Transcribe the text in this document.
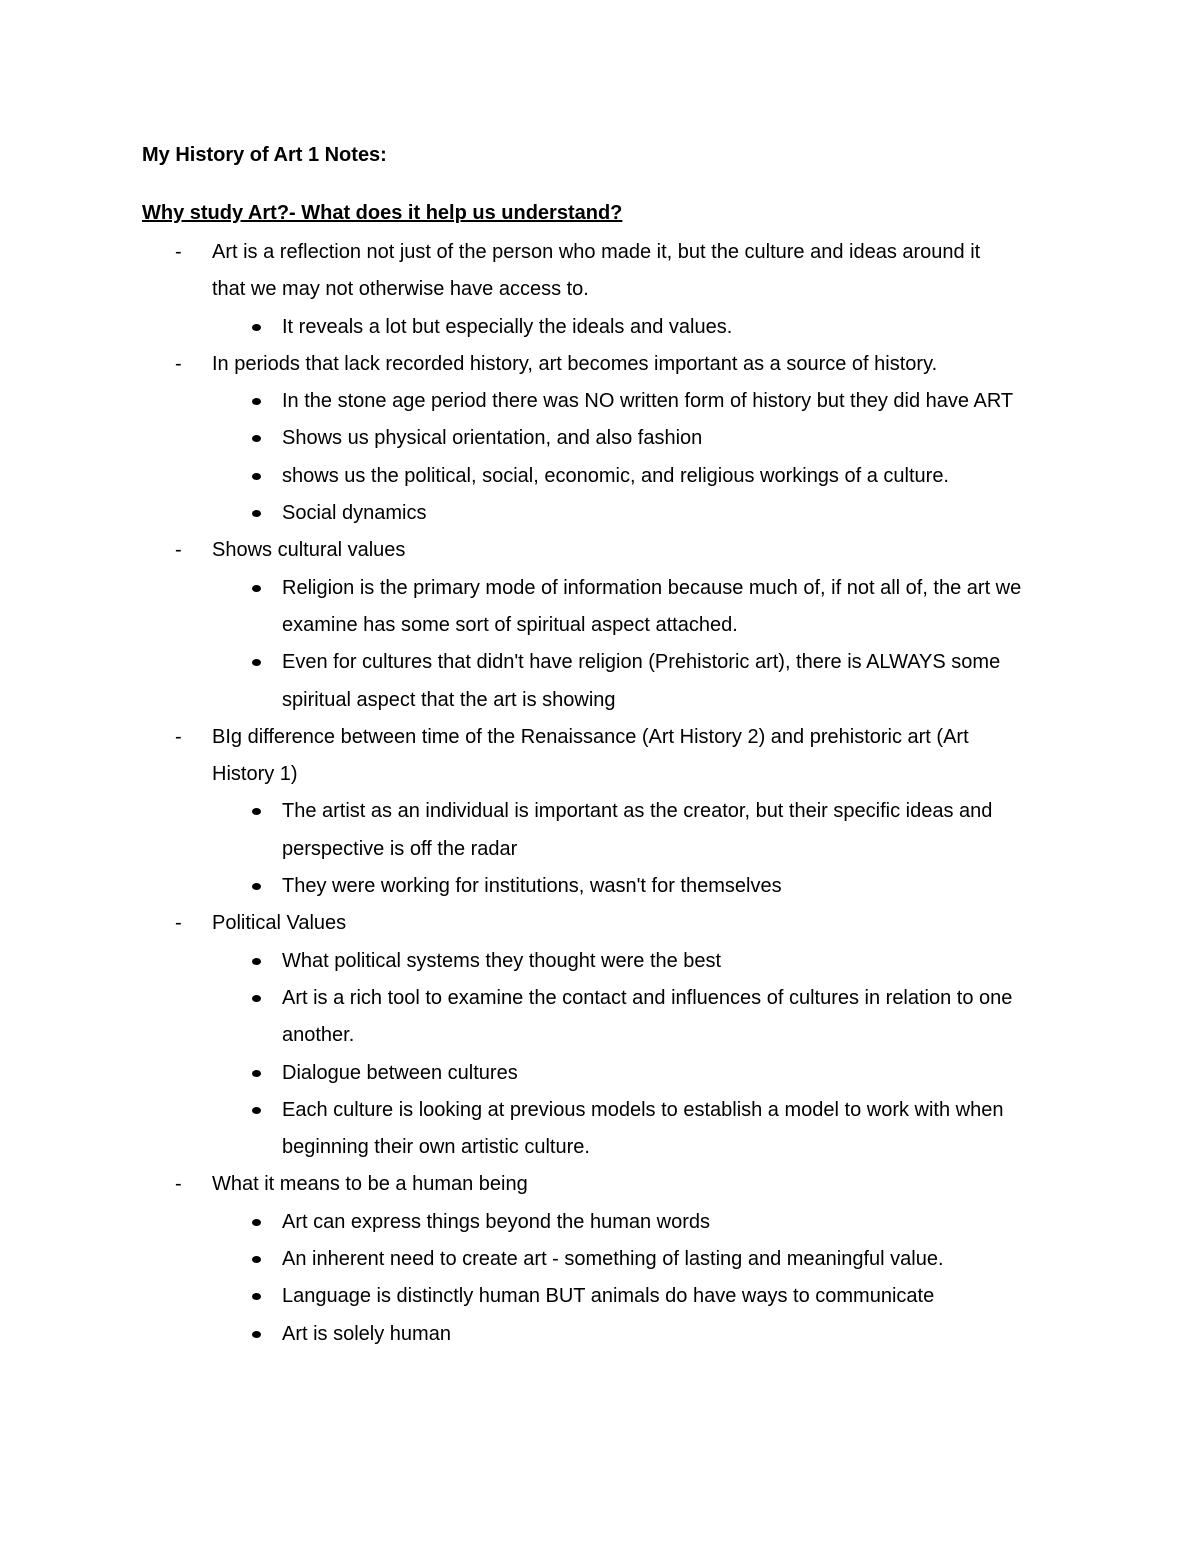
My History of Art 1 Notes:
Why study Art?- What does it help us understand?
- Art is a reflection not just of the person who made it, but the culture and ideas around it that we may not otherwise have access to.
It reveals a lot but especially the ideals and values.
- In periods that lack recorded history, art becomes important as a source of history.
In the stone age period there was NO written form of history but they did have ART
Shows us physical orientation, and also fashion
shows us the political, social, economic, and religious workings of a culture.
Social dynamics
- Shows cultural values
Religion is the primary mode of information because much of, if not all of, the art we examine has some sort of spiritual aspect attached.
Even for cultures that didn't have religion (Prehistoric art), there is ALWAYS some spiritual aspect that the art is showing
- BIg difference between time of the Renaissance (Art History 2) and prehistoric art (Art History 1)
The artist as an individual is important as the creator, but their specific ideas and perspective is off the radar
They were working for institutions, wasn't for themselves
- Political Values
What political systems they thought were the best
Art is a rich tool to examine the contact and influences of cultures in relation to one another.
Dialogue between cultures
Each culture is looking at previous models to establish a model to work with when beginning their own artistic culture.
- What it means to be a human being
Art can express things beyond the human words
An inherent need to create art - something of lasting and meaningful value.
Language is distinctly human BUT animals do have ways to communicate
Art is solely human
